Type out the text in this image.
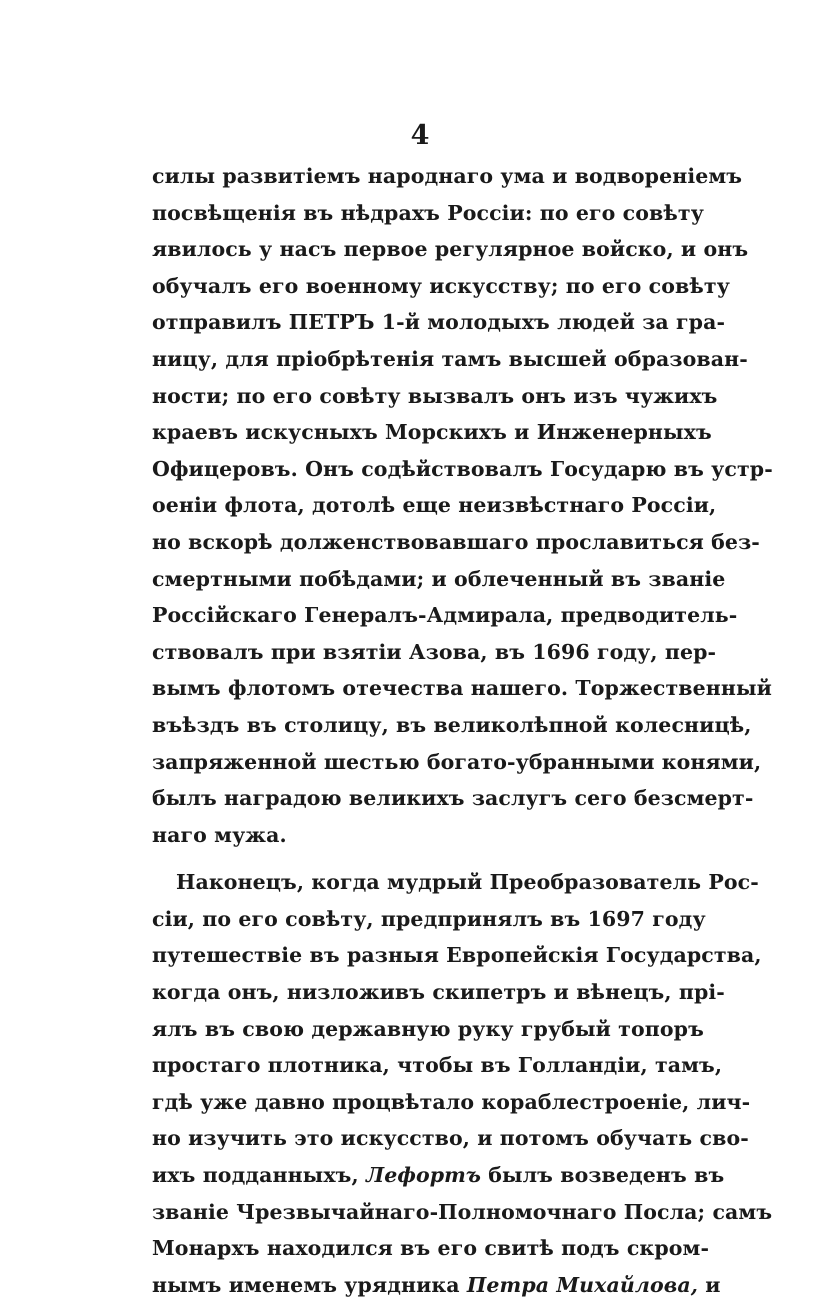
4
силы развитіемъ народнаго ума и водвореніемъ
посвѣщенія въ нѣдрахъ Россіи: по его совѣту
явилось у насъ первое регулярное войско, и онъ
обучалъ его военному искусству; по его совѣту
отправилъ ПЕТРЪ 1-й молодыхъ людей за гра-
ницу, для пріобрѣтенія тамъ высшей образован-
ности; по его совѣту вызвалъ онъ изъ чужихъ
краевъ искусныхъ Морскихъ и Инженерныхъ
Офицеровъ. Онъ содѣйствовалъ Государю въ устр-
оеніи флота, дотолѣ еще неизвѣстнаго Россіи,
но вскорѣ долженствовавшаго прославиться без-
смертными побѣдами; и облеченный въ званіе
Россійскаго Генералъ-Адмирала, предводитель-
ствовалъ при взятіи Азова, въ 1696 году, пер-
вымъ флотомъ отечества нашего. Торжественный
въѣздъ въ столицу, въ великолѣпной колесницѣ,
запряженной шестью богато-убранными конями,
былъ наградою великихъ заслугъ сего безсмерт-
наго мужа.
Наконецъ, когда мудрый Преобразователь Рос-
сіи, по его совѣту, предпринялъ въ 1697 году
путешествіе въ разныя Европейскія Государства,
когда онъ, низложивъ скипетръ и вѣнецъ, прі-
ялъ въ свою державную руку грубый топоръ
простаго плотника, чтобы въ Голландіи, тамъ,
гдѣ уже давно процвѣтало кораблестроеніе, лич-
но изучить это искусство, и потомъ обучать сво-
ихъ подданныхъ, Лефортъ былъ возведенъ въ
званіе Чрезвычайнаго-Полномочнаго Посла; самъ
Монархъ находился въ его свитѣ подъ скром-
нымъ именемъ урядника Петра Михайлова, и
